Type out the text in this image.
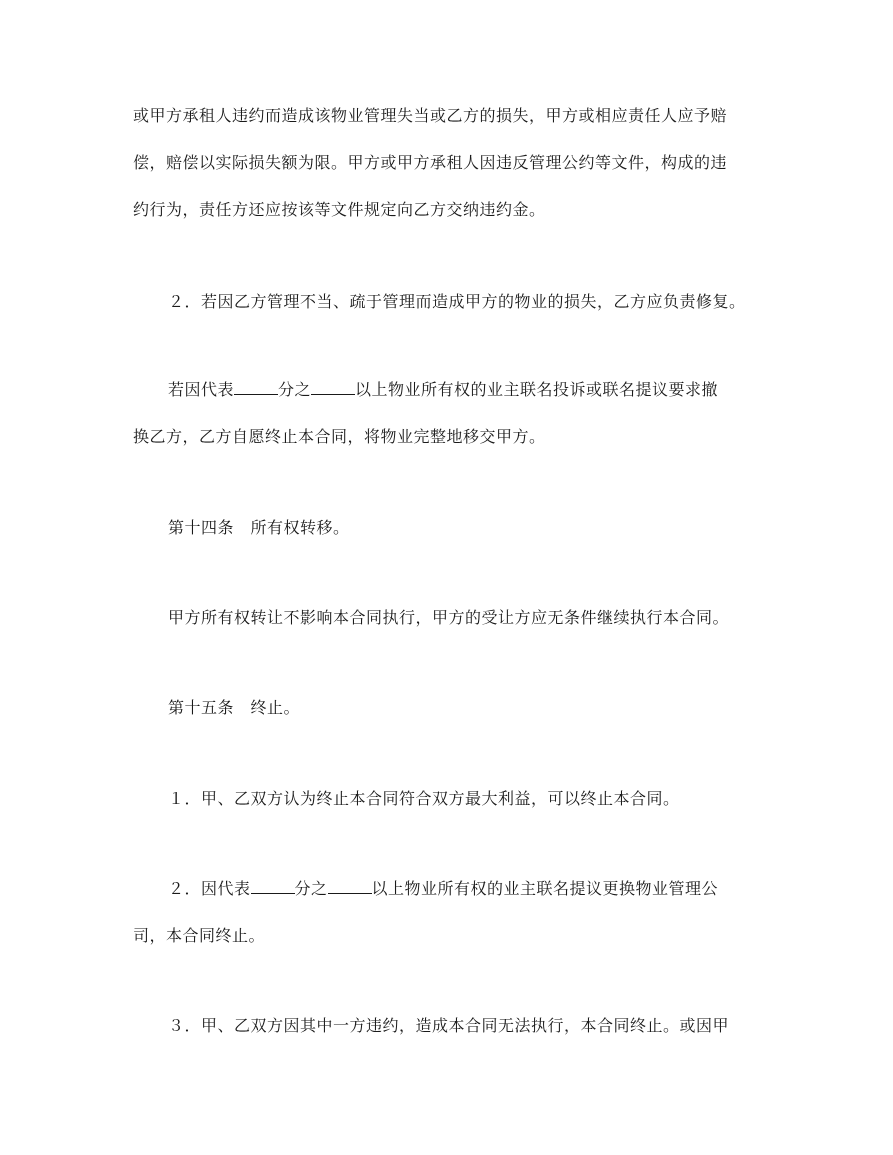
或甲方承租人违约而造成该物业管理失当或乙方的损失，甲方或相应责任人应予赔
偿，赔偿以实际损失额为限。甲方或甲方承租人因违反管理公约等文件，构成的违
约行为，责任方还应按该等文件规定向乙方交纳违约金。
２．若因乙方管理不当、疏于管理而造成甲方的物业的损失，乙方应负责修复。
若因代表	分之	以上物业所有权的业主联名投诉或联名提议要求撤
换乙方，乙方自愿终止本合同，将物业完整地移交甲方。
第十四条　所有权转移。
甲方所有权转让不影响本合同执行，甲方的受让方应无条件继续执行本合同。
第十五条　终止。
１．甲、乙双方认为终止本合同符合双方最大利益，可以终止本合同。
２．因代表	分之	以上物业所有权的业主联名提议更换物业管理公
司，本合同终止。
３．甲、乙双方因其中一方违约，造成本合同无法执行，本合同终止。或因甲
